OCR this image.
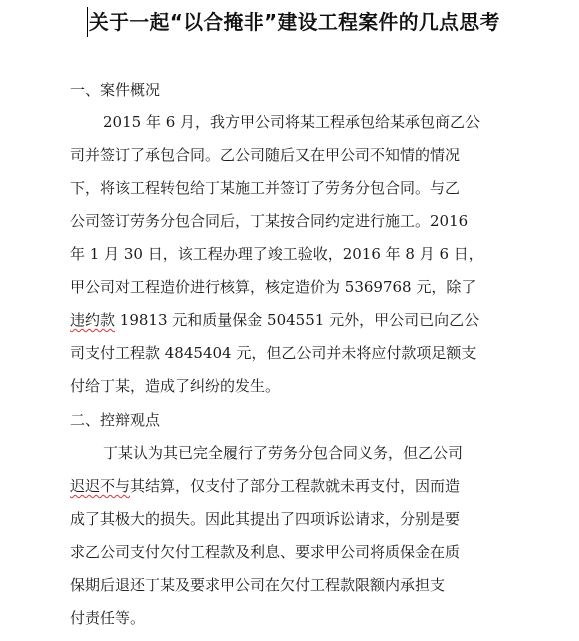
关于一起“以合掩非”建设工程案件的几点思考
一、案件概况
2015 年 6 月，我方甲公司将某工程承包给某承包商乙公
司并签订了承包合同。乙公司随后又在甲公司不知情的情况
下，将该工程转包给丁某施工并签订了劳务分包合同。与乙
公司签订劳务分包合同后，丁某按合同约定进行施工。2016
年 1 月 30 日，该工程办理了竣工验收，2016 年 8 月 6 日，
甲公司对工程造价进行核算，核定造价为 5369768 元，除了
违约款 19813 元和质量保金 504551 元外，甲公司已向乙公
司支付工程款 4845404 元，但乙公司并未将应付款项足额支
付给丁某，造成了纠纷的发生。
二、控辩观点
丁某认为其已完全履行了劳务分包合同义务，但乙公司
迟迟不与其结算，仅支付了部分工程款就未再支付，因而造
成了其极大的损失。因此其提出了四项诉讼请求，分别是要
求乙公司支付欠付工程款及利息、要求甲公司将质保金在质
保期后退还丁某及要求甲公司在欠付工程款限额内承担支
付责任等。
